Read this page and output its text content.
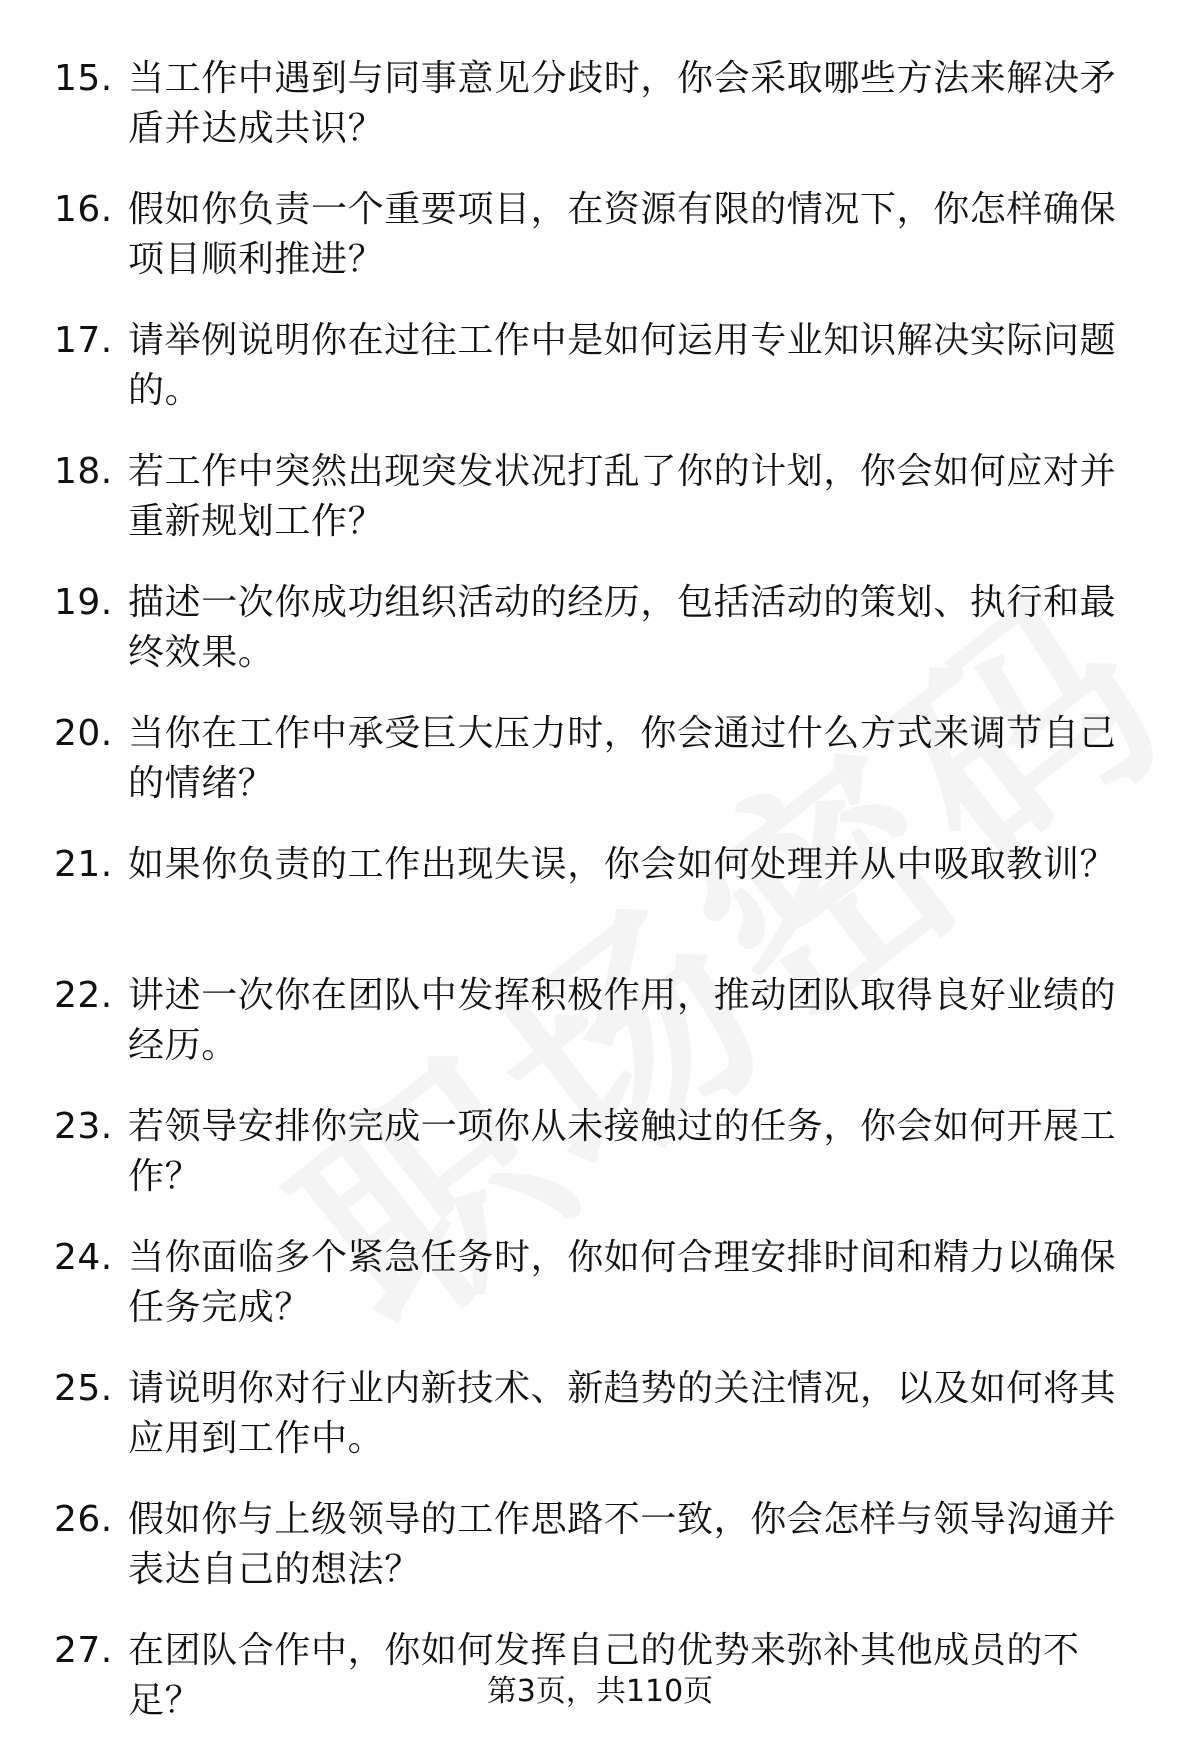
15. 当工作中遇到与同事意见分歧时，你会采取哪些方法来解决矛盾并达成共识？
16. 假如你负责一个重要项目，在资源有限的情况下，你怎样确保项目顺利推进？
17. 请举例说明你在过往工作中是如何运用专业知识解决实际问题的。
18. 若工作中突然出现突发状况打乱了你的计划，你会如何应对并重新规划工作？
19. 描述一次你成功组织活动的经历，包括活动的策划、执行和最终效果。
20. 当你在工作中承受巨大压力时，你会通过什么方式来调节自己的情绪？
21. 如果你负责的工作出现失误，你会如何处理并从中吸取教训？
22. 讲述一次你在团队中发挥积极作用，推动团队取得良好业绩的经历。
23. 若领导安排你完成一项你从未接触过的任务，你会如何开展工作？
24. 当你面临多个紧急任务时，你如何合理安排时间和精力以确保任务完成？
25. 请说明你对行业内新技术、新趋势的关注情况，以及如何将其应用到工作中。
26. 假如你与上级领导的工作思路不一致，你会怎样与领导沟通并表达自己的想法？
27. 在团队合作中，你如何发挥自己的优势来弥补其他成员的不足？	第3页，共110页
